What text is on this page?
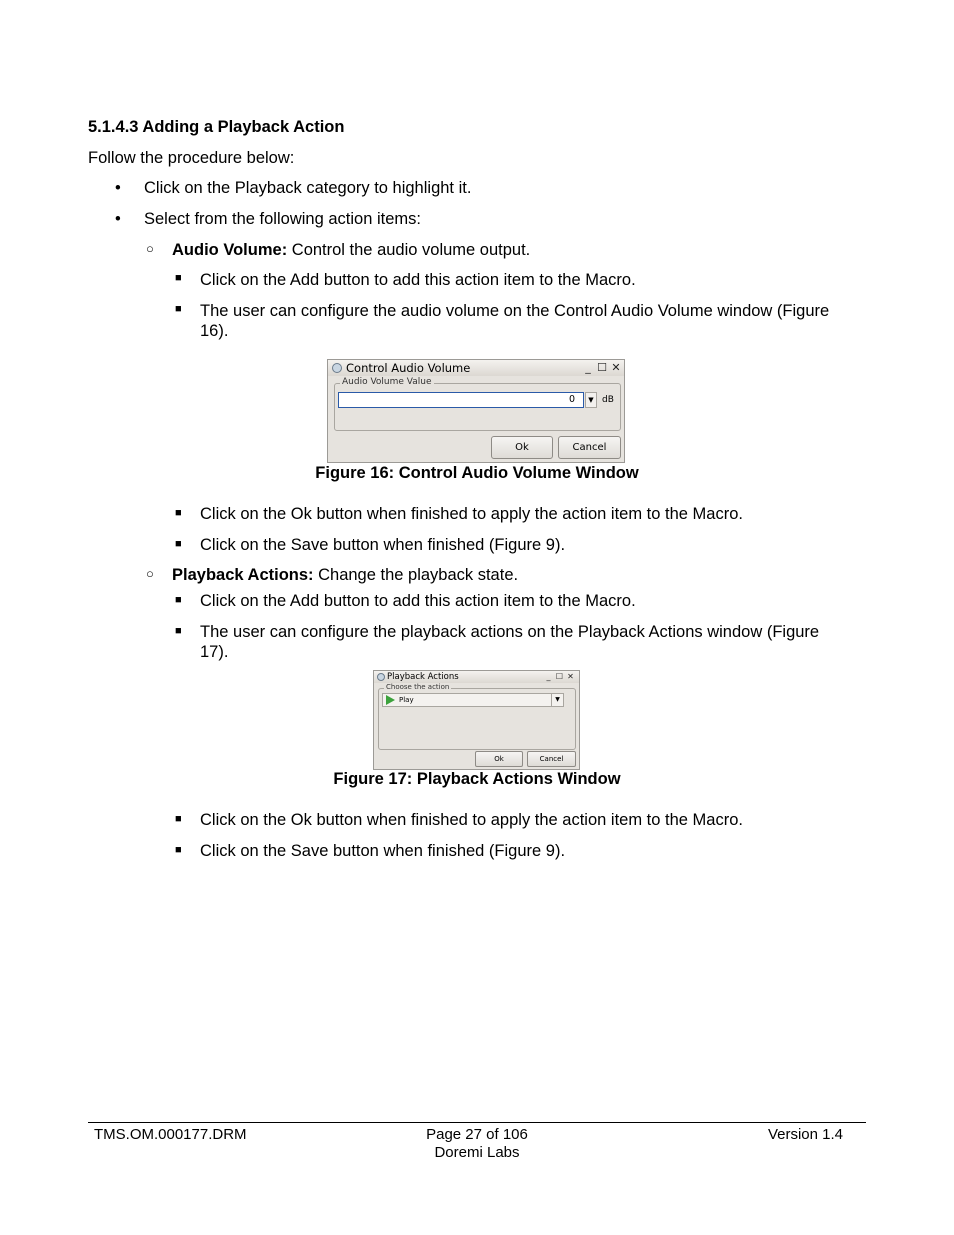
5.1.4.3 Adding a Playback Action
Follow the procedure below:
• Click on the Playback category to highlight it.
• Select from the following action items:
○ Audio Volume: Control the audio volume output.
■ Click on the Add button to add this action item to the Macro.
■ The user can configure the audio volume on the Control Audio Volume window (Figure
16).
Control Audio Volume	_ ☐ ✕
Audio Volume Value
0	▼ dB
Ok	Cancel
Figure 16: Control Audio Volume Window
■ Click on the Ok button when finished to apply the action item to the Macro.
■ Click on the Save button when finished (Figure 9).
○ Playback Actions: Change the playback state.
■ Click on the Add button to add this action item to the Macro.
■ The user can configure the playback actions on the Playback Actions window (Figure
17).
Playback Actions	_ ☐ ✕
Choose the action
Play	▼
Ok	Cancel
Figure 17: Playback Actions Window
■ Click on the Ok button when finished to apply the action item to the Macro.
■ Click on the Save button when finished (Figure 9).
TMS.OM.000177.DRM	Page 27 of 106
Doremi Labs
Version 1.4
